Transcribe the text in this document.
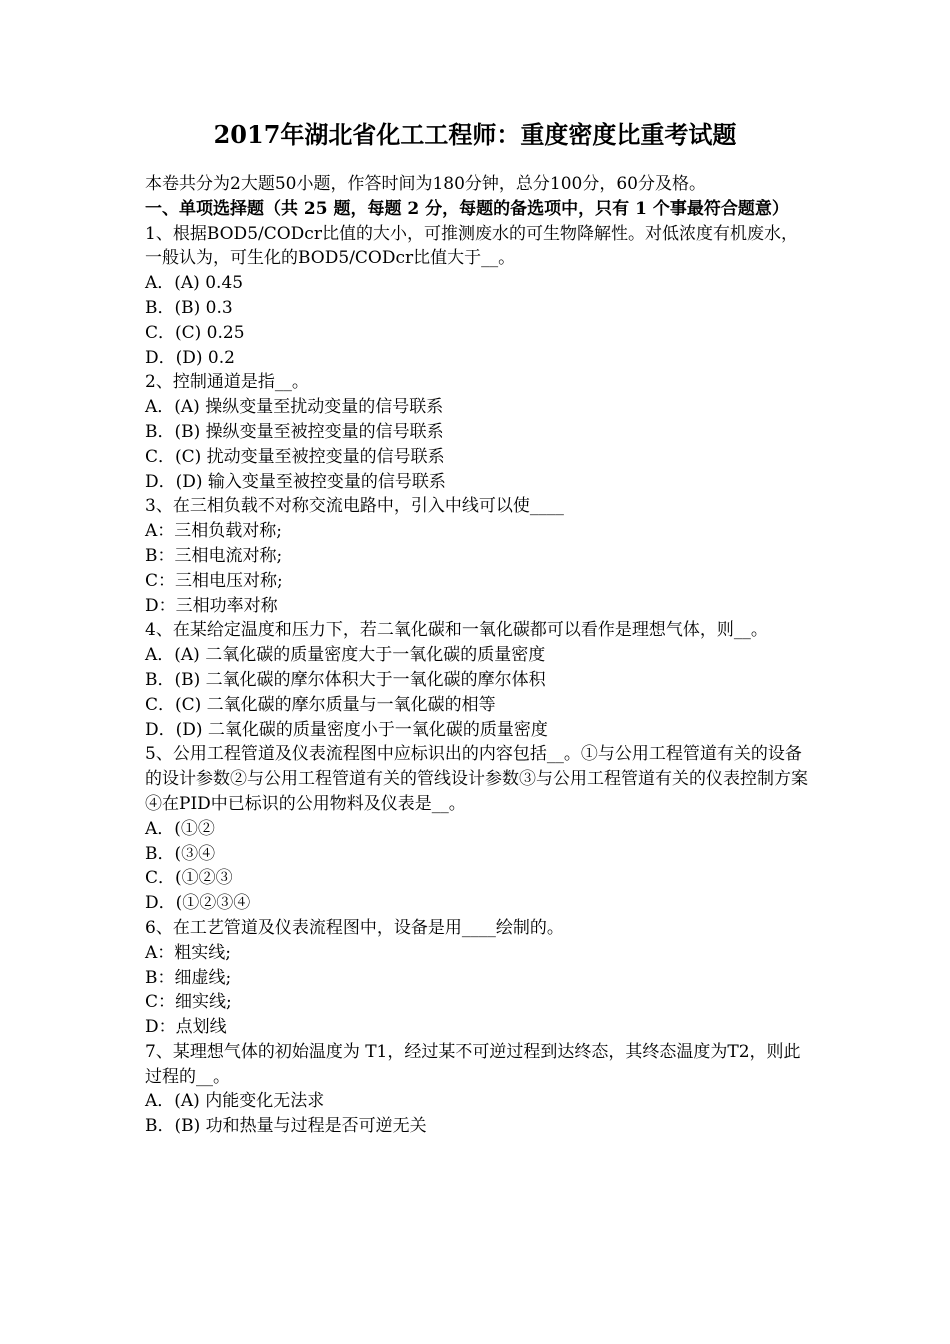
2017年湖北省化工工程师：重度密度比重考试题

本卷共分为2大题50小题，作答时间为180分钟，总分100分，60分及格。

一、单项选择题（共 25 题，每题 2 分，每题的备选项中，只有 1 个事最符合题意）

1、根据BOD5/CODcr比值的大小，可推测废水的可生物降解性。对低浓度有机废水，一般认为，可生化的BOD5/CODcr比值大于__。

A．(A) 0.45

B．(B) 0.3

C．(C) 0.25

D．(D) 0.2

2、控制通道是指__。

A．(A) 操纵变量至扰动变量的信号联系

B．(B) 操纵变量至被控变量的信号联系

C．(C) 扰动变量至被控变量的信号联系

D．(D) 输入变量至被控变量的信号联系

3、在三相负载不对称交流电路中，引入中线可以使____

A：三相负载对称;

B：三相电流对称;

C：三相电压对称;

D：三相功率对称

4、在某给定温度和压力下，若二氧化碳和一氧化碳都可以看作是理想气体，则__。

A．(A) 二氧化碳的质量密度大于一氧化碳的质量密度

B．(B) 二氧化碳的摩尔体积大于一氧化碳的摩尔体积

C．(C) 二氧化碳的摩尔质量与一氧化碳的相等

D．(D) 二氧化碳的质量密度小于一氧化碳的质量密度

5、公用工程管道及仪表流程图中应标识出的内容包括__。①与公用工程管道有关的设备的设计参数②与公用工程管道有关的管线设计参数③与公用工程管道有关的仪表控制方案④在PID中已标识的公用物料及仪表是__。

A．(①②

B．(③④

C．(①②③

D．(①②③④

6、在工艺管道及仪表流程图中，设备是用____绘制的。

A：粗实线;

B：细虚线;

C：细实线;

D：点划线

7、某理想气体的初始温度为 T1，经过某不可逆过程到达终态，其终态温度为T2，则此过程的__。

A．(A) 内能变化无法求

B．(B) 功和热量与过程是否可逆无关
